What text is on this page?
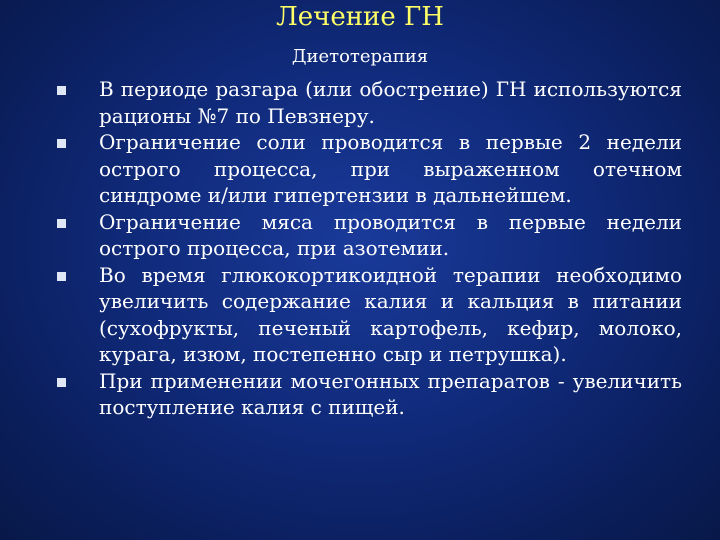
Лечение ГН
Диетотерапия
В периоде разгара (или обострение) ГН используются рационы №7 по Певзнеру.
Ограничение соли проводится в первые 2 недели острого процесса, при выраженном отечном синдроме и/или гипертензии в дальнейшем.
Ограничение мяса проводится в первые недели острого процесса, при азотемии.
Во время глюкокортикоидной терапии необходимо увеличить содержание калия и кальция в питании (сухофрукты, печеный картофель, кефир, молоко, курага, изюм, постепенно сыр и петрушка).
При применении мочегонных препаратов - увеличить поступление калия с пищей.
